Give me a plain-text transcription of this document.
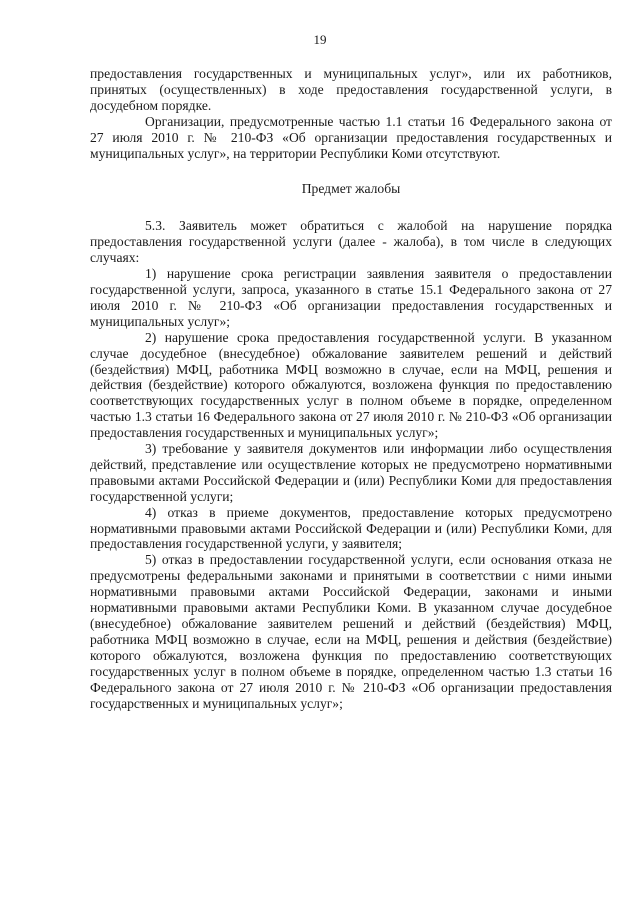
19

предоставления государственных и муниципальных услуг», или их работников, принятых (осуществленных) в ходе предоставления государственной услуги, в досудебном порядке.

Организации, предусмотренные частью 1.1 статьи 16 Федерального закона от 27 июля 2010 г. № 210-ФЗ «Об организации предоставления государственных и муниципальных услуг», на территории Республики Коми отсутствуют.

Предмет жалобы

5.3. Заявитель может обратиться с жалобой на нарушение порядка предоставления государственной услуги (далее - жалоба), в том числе в следующих случаях:

1) нарушение срока регистрации заявления заявителя о предоставлении государственной услуги, запроса, указанного в статье 15.1 Федерального закона от 27 июля 2010 г. № 210-ФЗ «Об организации предоставления государственных и муниципальных услуг»;

2) нарушение срока предоставления государственной услуги. В указанном случае досудебное (внесудебное) обжалование заявителем решений и действий (бездействия) МФЦ, работника МФЦ возможно в случае, если на МФЦ, решения и действия (бездействие) которого обжалуются, возложена функция по предоставлению соответствующих государственных услуг в полном объеме в порядке, определенном частью 1.3 статьи 16 Федерального закона от 27 июля 2010 г. № 210-ФЗ «Об организации предоставления государственных и муниципальных услуг»;

3) требование у заявителя документов или информации либо осуществления действий, представление или осуществление которых не предусмотрено нормативными правовыми актами Российской Федерации и (или) Республики Коми для предоставления государственной услуги;

4) отказ в приеме документов, предоставление которых предусмотрено нормативными правовыми актами Российской Федерации и (или) Республики Коми, для предоставления государственной услуги, у заявителя;

5) отказ в предоставлении государственной услуги, если основания отказа не предусмотрены федеральными законами и принятыми в соответствии с ними иными нормативными правовыми актами Российской Федерации, законами и иными нормативными правовыми актами Республики Коми. В указанном случае досудебное (внесудебное) обжалование заявителем решений и действий (бездействия) МФЦ, работника МФЦ возможно в случае, если на МФЦ, решения и действия (бездействие) которого обжалуются, возложена функция по предоставлению соответствующих государственных услуг в полном объеме в порядке, определенном частью 1.3 статьи 16 Федерального закона от 27 июля 2010 г. № 210-ФЗ «Об организации предоставления государственных и муниципальных услуг»;
